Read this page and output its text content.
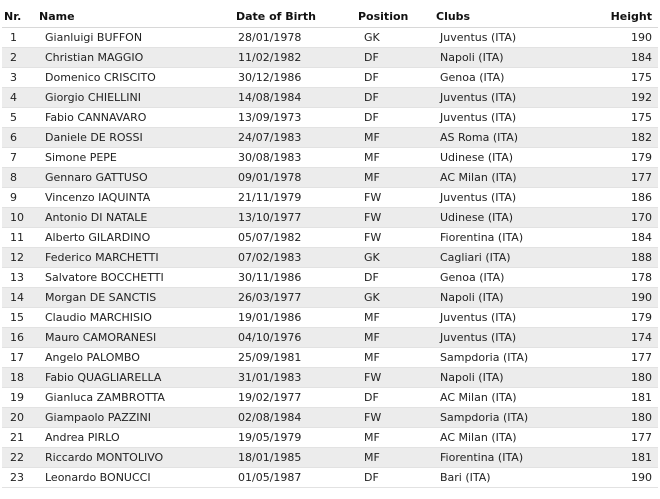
Nr.	Name	Date of Birth	Position	Clubs	Height
1	Gianluigi BUFFON	28/01/1978	GK	Juventus (ITA)	190
2	Christian MAGGIO	11/02/1982	DF	Napoli (ITA)	184
3	Domenico CRISCITO	30/12/1986	DF	Genoa (ITA)	175
4	Giorgio CHIELLINI	14/08/1984	DF	Juventus (ITA)	192
5	Fabio CANNAVARO	13/09/1973	DF	Juventus (ITA)	175
6	Daniele DE ROSSI	24/07/1983	MF	AS Roma (ITA)	182
7	Simone PEPE	30/08/1983	MF	Udinese (ITA)	179
8	Gennaro GATTUSO	09/01/1978	MF	AC Milan (ITA)	177
9	Vincenzo IAQUINTA	21/11/1979	FW	Juventus (ITA)	186
10	Antonio DI NATALE	13/10/1977	FW	Udinese (ITA)	170
11	Alberto GILARDINO	05/07/1982	FW	Fiorentina (ITA)	184
12	Federico MARCHETTI	07/02/1983	GK	Cagliari (ITA)	188
13	Salvatore BOCCHETTI	30/11/1986	DF	Genoa (ITA)	178
14	Morgan DE SANCTIS	26/03/1977	GK	Napoli (ITA)	190
15	Claudio MARCHISIO	19/01/1986	MF	Juventus (ITA)	179
16	Mauro CAMORANESI	04/10/1976	MF	Juventus (ITA)	174
17	Angelo PALOMBO	25/09/1981	MF	Sampdoria (ITA)	177
18	Fabio QUAGLIARELLA	31/01/1983	FW	Napoli (ITA)	180
19	Gianluca ZAMBROTTA	19/02/1977	DF	AC Milan (ITA)	181
20	Giampaolo PAZZINI	02/08/1984	FW	Sampdoria (ITA)	180
21	Andrea PIRLO	19/05/1979	MF	AC Milan (ITA)	177
22	Riccardo MONTOLIVO	18/01/1985	MF	Fiorentina (ITA)	181
23	Leonardo BONUCCI	01/05/1987	DF	Bari (ITA)	190
